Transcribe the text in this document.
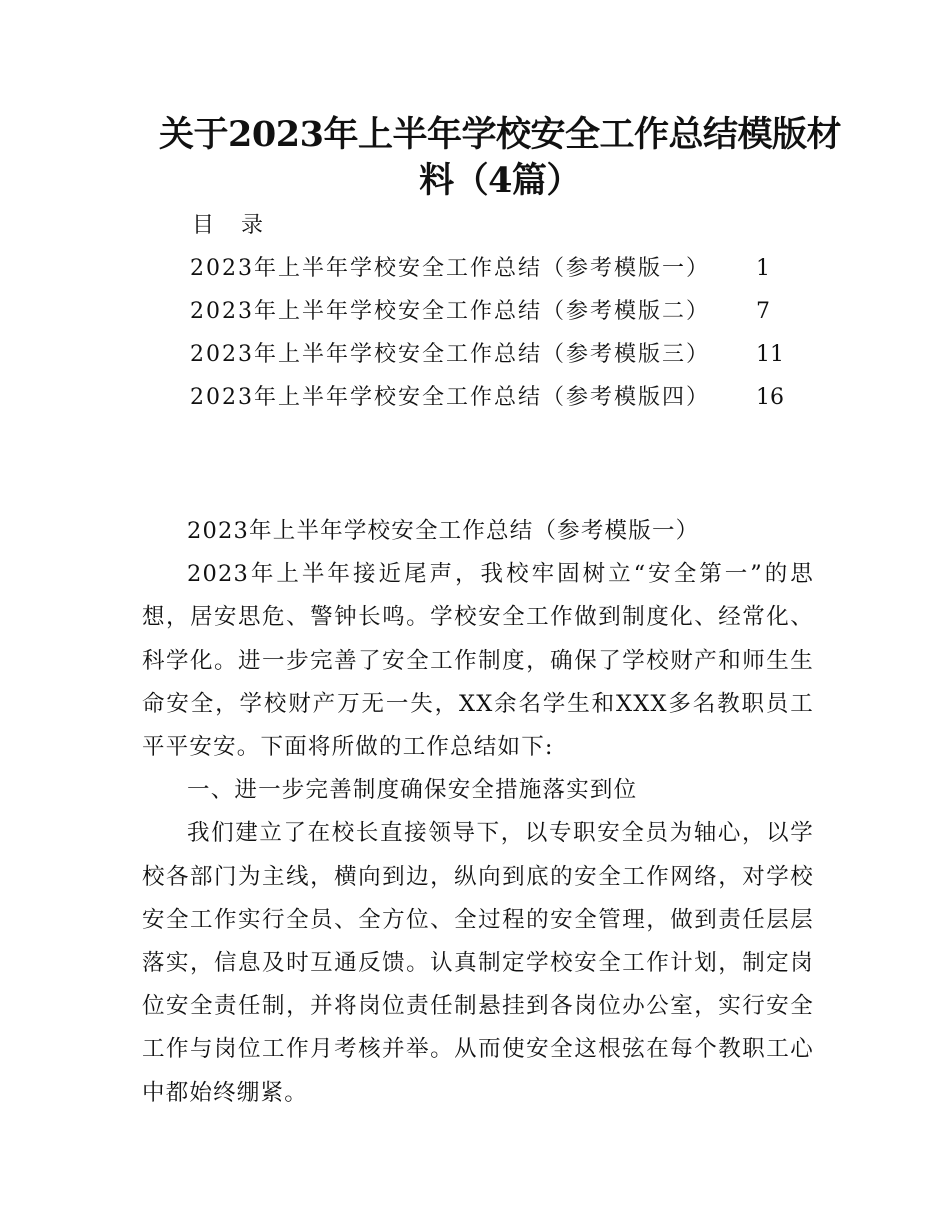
关于2023年上半年学校安全工作总结模版材料（4篇）
目 录
2023年上半年学校安全工作总结（参考模版一） 1
2023年上半年学校安全工作总结（参考模版二） 7
2023年上半年学校安全工作总结（参考模版三） 11
2023年上半年学校安全工作总结（参考模版四） 16

2023年上半年学校安全工作总结（参考模版一）

2023年上半年接近尾声，我校牢固树立“安全第一”的思想，居安思危、警钟长鸣。学校安全工作做到制度化、经常化、科学化。进一步完善了安全工作制度，确保了学校财产和师生生命安全，学校财产万无一失，XX余名学生和XXX多名教职员工平平安安。下面将所做的工作总结如下:

一、进一步完善制度确保安全措施落实到位

我们建立了在校长直接领导下，以专职安全员为轴心，以学校各部门为主线，横向到边，纵向到底的安全工作网络，对学校安全工作实行全员、全方位、全过程的安全管理，做到责任层层落实，信息及时互通反馈。认真制定学校安全工作计划，制定岗位安全责任制，并将岗位责任制悬挂到各岗位办公室，实行安全工作与岗位工作月考核并举。从而使安全这根弦在每个教职工心中都始终绷紧。
